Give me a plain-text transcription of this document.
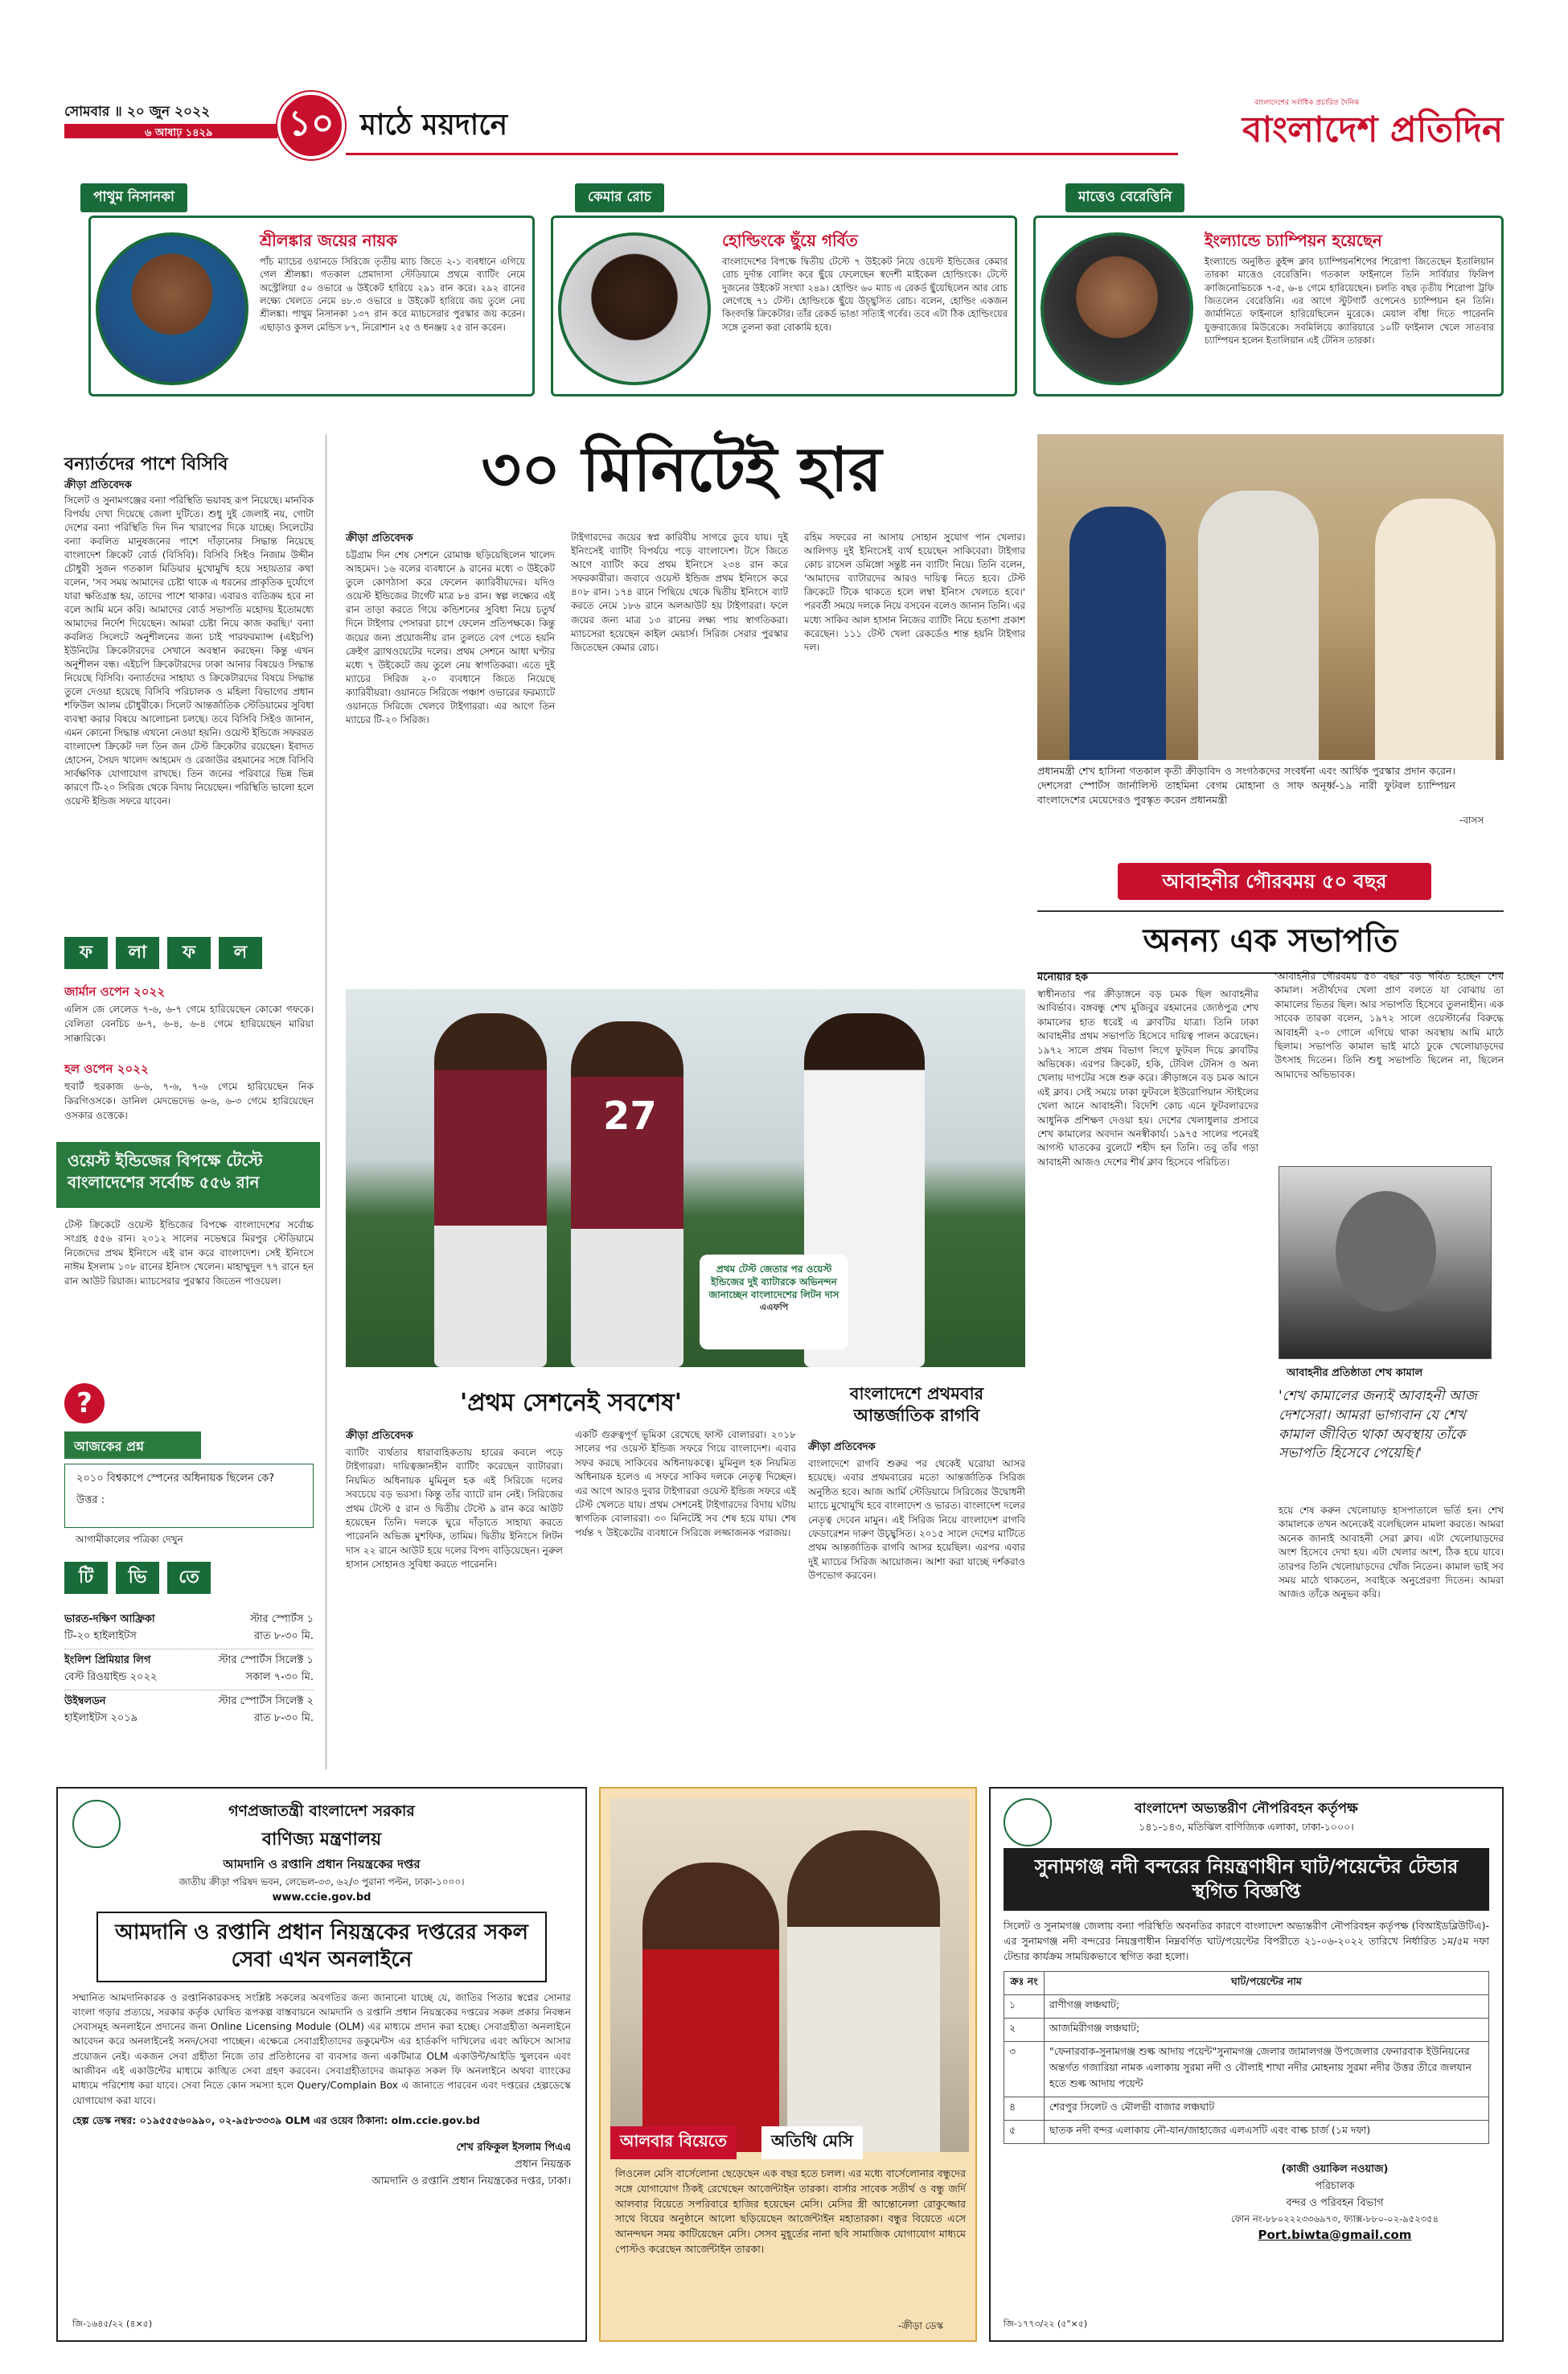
সোমবার ॥ ২০ জুন ২০২২
৬ আষাঢ় ১৪২৯	১০ মাঠে ময়দানে
বাংলাদেশের সর্বাধিক প্রচারিত দৈনিক
বাংলাদেশ প্রতিদিন
পাথুম নিসানকা	কেমার রোচ	মাত্তেও বেরেত্তিনি
শ্রীলঙ্কার জয়ের নায়ক
পাঁচ ম্যাচের ওয়ানডে সিরিজে তৃতীয় ম্যাচ জিতে ২-১ ব্যবধানে এগিয়ে গেল শ্রীলঙ্কা। গতকাল প্রেমাদাসা স্টেডিয়ামে প্রথমে ব্যাটিং নেমে অস্ট্রেলিয়া ৫০ ওভারে ৬ উইকেট হারিয়ে ২৯১ রান করে। ২৯২ রানের লক্ষ্যে খেলতে নেমে ৪৮.৩ ওভারে ৪ উইকেট হারিয়ে জয় তুলে নেয় শ্রীলঙ্কা। পাথুম নিসানকা ১৩৭ রান করে ম্যাচসেরার পুরস্কার জয় করেন। এছাড়াও কুসল মেন্ডিস ৮৭, নিরোশান ২৫ ও ধনঞ্জয় ২৫ রান করেন।
হোল্ডিংকে ছুঁয়ে গর্বিত
বাংলাদেশের বিপক্ষে দ্বিতীয় টেস্টে ৭ উইকেট নিয়ে ওয়েস্ট ইন্ডিজের কেমার রোচ দুর্দান্ত বোলিং করে ছুঁয়ে ফেলেছেন স্বদেশী মাইকেল হোল্ডিংকে। টেস্টে দুজনের উইকেট সংখ্যা ২৪৯। হোল্ডিং ৬০ ম্যাচ এ রেকর্ড ছুঁয়েছিলেন আর রোচ লেগেছে ৭১ টেস্ট। হোল্ডিংকে ছুঁয়ে উচ্ছ্বসিত রোচ। বলেন, হোল্ডিং একজন কিংবদন্তি ক্রিকেটার। তাঁর রেকর্ড ভাঙা সত্যিই গর্বের। তবে এটা ঠিক হোল্ডিংয়ের সঙ্গে তুলনা করা বোকামি হবে।
ইংল্যান্ডে চ্যাম্পিয়ন হয়েছেন
ইংল্যান্ডে অনুষ্ঠিত কুইন্স ক্লাব চ্যাম্পিয়নশিপের শিরোপা জিতেছেন ইতালিয়ান তারকা মাত্তেও বেরেত্তিনি। গতকাল ফাইনালে তিনি সার্বিয়ার ফিলিপ ক্রাজিনোভিচকে ৭-৫, ৬-৪ গেমে হারিয়েছেন। চলতি বছর তৃতীয় শিরোপা ট্রফি জিতলেন বেরেত্তিনি। এর আগে স্টুটগার্ট ওপেনেও চ্যাম্পিয়ন হন তিনি। জার্মানিতে ফাইনালে হারিয়েছিলেন মুরেকে। মেয়াল বাঁধা দিতে পারেননি যুক্তরাজ্যের মিউরেকে। সবমিলিয়ে ক্যারিয়ারে ১০টি ফাইনাল খেলে সাতবার চ্যাম্পিয়ন হলেন ইতালিয়ান এই টেনিস তারকা।
বন্যার্তদের পাশে বিসিবি
ক্রীড়া প্রতিবেদক
সিলেট ও সুনামগঞ্জের বন্যা পরিস্থিতি ভয়াবহ রূপ নিয়েছে। মানবিক বিপর্যয় দেখা দিয়েছে জেলা দুটিতে। শুধু দুই জেলাই নয়, গোটা দেশের বন্যা পরিস্থিতি দিন দিন খারাপের দিকে যাচ্ছে। সিলেটের বন্যা কবলিত মানুষজনের পাশে দাঁড়ানোর সিদ্ধান্ত নিয়েছে বাংলাদেশ ক্রিকেট বোর্ড (বিসিবি)। বিসিবি সিইও নিজাম উদ্দীন চৌধুরী সুজন গতকাল মিডিয়ার মুখোমুখি হয়ে সহায়তার কথা বলেন, 'সব সময় আমাদের চেষ্টা থাকে এ ধরনের প্রাকৃতিক দুর্যোগে যারা ক্ষতিগ্রস্ত হয়, তাদের পাশে থাকার। এবারও ব্যতিক্রম হবে না বলে আমি মনে করি। আমাদের বোর্ড সভাপতি মহোদয় ইতোমধ্যে আমাদের নির্দেশ দিয়েছেন। আমরা চেষ্টা নিয়ে কাজ করছি।' বন্যা কবলিত সিলেটে অনুশীলনের জন্য চাই পারফরম্যান্স (এইচপি) ইউনিটের ক্রিকেটারদের সেখানে অবস্থান করছেন। কিন্তু এখন অনুশীলন বন্ধ। এইচপি ক্রিকেটারদের ঢাকা আনার বিষয়েও সিদ্ধান্ত নিয়েছে বিসিবি। বন্যার্তদের সাহায্য ও ক্রিকেটারদের বিষয়ে সিদ্ধান্ত তুলে দেওয়া হয়েছে বিসিবি পরিচালক ও মহিলা বিভাগের প্রধান শফিউল আলম চৌধুরীকে। সিলেট আন্তর্জাতিক স্টেডিয়ামের সুবিধা ব্যবস্থা করার বিষয়ে আলোচনা চলছে। তবে বিসিবি সিইও জানান, এমন কোনো সিদ্ধান্ত এখনো নেওয়া হয়নি। ওয়েস্ট ইন্ডিজে সফররত বাংলাদেশ ক্রিকেট দল তিন জন টেস্ট ক্রিকেটার রয়েছেন। ইবাদত হোসেন, সৈয়দ খালেদ আহমেদ ও রেজাউর রহমানের সঙ্গে বিসিবি সার্বক্ষণিক যোগাযোগ রাখছে। তিন জনের পরিবারে ভিন্ন ভিন্ন কারণে টি-২০ সিরিজ থেকে বিদায় নিয়েছেন। পরিস্থিতি ভালো হলে ওয়েস্ট ইন্ডিজ সফরে যাবেন।
ফ লা ফ ল
জার্মান ওপেন ২০২২
এলিস জে লেলেড ৭-৬, ৬-৭ গেমে হারিয়েছেন কোকো গফকে। বেলিতা বেনচিচ ৬-৭, ৬-৪, ৬-৪ গেমে হারিয়েছেন মারিয়া সাক্কারিকে।
হল ওপেন ২০২২
হুবার্ট হুরকাজ ৬-৬, ৭-৬, ৭-৬ গেমে হারিয়েছেন নিক কিরগিওসকে। ডানিল মেদভেদেভ ৬-৬, ৬-৩ গেমে হারিয়েছেন ওসকার ওত্তেকে।
ওয়েস্ট ইন্ডিজের বিপক্ষে টেস্টে বাংলাদেশের সর্বোচ্চ ৫৫৬ রান
টেস্ট ক্রিকেটে ওয়েস্ট ইন্ডিজের বিপক্ষে বাংলাদেশের সর্বোচ্চ সংগ্রহ ৫৫৬ রান। ২০১২ সালের নভেম্বরে মিরপুর স্টেডিয়ামে নিজেদের প্রথম ইনিংসে এই রান করে বাংলাদেশ। সেই ইনিংসে নাঈম ইসলাম ১০৮ রানের ইনিংস খেলেন। মাহাম্মুদুল ৭৭ রানে হন রান আউট রিয়াজ। ম্যাচসেরার পুরস্কার জিতেন পাওয়েল।
?
আজকের প্রশ্ন
২০১০ বিশ্বকাপে স্পেনের অধিনায়ক ছিলেন কে?
উত্তর :
আগামীকালের পত্রিকা দেখুন
টি ভি তে
ভারত-দক্ষিণ আফ্রিকা	স্টার স্পোর্টস ১
টি-২০ হাইলাইটস	রাত ৮-৩০ মি.
ইংলিশ প্রিমিয়ার লিগ	স্টার স্পোর্টস সিলেক্ট ১
বেস্ট রিওয়াইন্ড ২০২২	সকাল ৭-৩০ মি.
উইম্বলডন	স্টার স্পোর্টস সিলেক্ট ২
হাইলাইটস ২০১৯	রাত ৮-৩০ মি.
৩০ মিনিটেই হার
ক্রীড়া প্রতিবেদক
চট্টগ্রাম দিন শেষ সেশনে রোমাঞ্চ ছড়িয়েছিলেন খালেদ আহমেদ। ১৬ বলের ব্যবধানে ৯ রানের মধ্যে ৩ উইকেট তুলে কোণঠাসা করে ফেলেন ক্যারিবীয়দের। যদিও ওয়েস্ট ইন্ডিজের টার্গেট মাত্র ৮৪ রান। স্বল্প লক্ষ্যের এই রান তাড়া করতে গিয়ে কন্ডিশনের সুবিধা নিয়ে চতুর্থ দিনে টাইগার পেসাররা চাপে ফেলেন প্রতিপক্ষকে। কিন্তু জয়ের জন্য প্রয়োজনীয় রান তুলতে বেগ পেতে হয়নি ক্রেইগ ব্র্যাথওয়েটের দলের। প্রথম সেশনে আধা ঘণ্টার মধ্যে ৭ উইকেটে জয় তুলে নেয় স্বাগতিকরা। এতে দুই ম্যাচের সিরিজ ২-০ ব্যবধানে জিতে নিয়েছে ক্যারিবীয়রা। ওয়ানডে সিরিজে পঞ্চাশ ওভারের ফরম্যাটে ওয়ানডে সিরিজে খেলবে টাইগাররা। এর আগে তিন ম্যাচের টি-২০ সিরিজ।
টাইগারদের জয়ের স্বপ্ন কারিবীয় সাগরে ডুবে যায়। দুই ইনিংসেই ব্যাটিং বিপর্যয়ে পড়ে বাংলাদেশ। টসে জিতে আগে ব্যাটিং করে প্রথম ইনিংসে ২৩৪ রান করে সফরকারীরা। জবাবে ওয়েস্ট ইন্ডিজ প্রথম ইনিংসে করে ৪০৮ রান। ১৭৪ রানে পিছিয়ে থেকে দ্বিতীয় ইনিংসে ব্যাট করতে নেমে ১৮৬ রানে অলআউট হয় টাইগাররা। ফলে জয়ের জন্য মাত্র ১৩ রানের লক্ষ্য পায় স্বাগতিকরা। ম্যাচসেরা হয়েছেন কাইল মেয়ার্স। সিরিজ সেরার পুরস্কার জিতেছেন কেমার রোচ।
রহিম সফরের না আসায় সোহান সুযোগ পান খেলার। আলিগড় দুই ইনিংসেই ব্যর্থ হয়েছেন সাকিবেরা। টাইগার কোচ রাসেল ডমিঙ্গো সন্তুষ্ট নন ব্যাটিং নিয়ে। তিনি বলেন, 'আমাদের ব্যাটারদের আরও দায়িত্ব নিতে হবে। টেস্ট ক্রিকেটে টিকে থাকতে হলে লম্বা ইনিংস খেলতে হবে।' পরবর্তী সময়ে দলকে নিয়ে বসবেন বলেও জানান তিনি। এর মধ্যে সাকিব আল হাসান নিজের ব্যাটিং নিয়ে হতাশা প্রকাশ করেছেন। ১১১ টেস্ট খেলা রেকর্ডেও শান্ত হয়নি টাইগার দল।
27
প্রথম টেস্ট জেতার পর ওয়েস্ট ইন্ডিজের দুই ব্যাটারকে অভিনন্দন জানাচ্ছেন বাংলাদেশের লিটন দাস
এএফপি
প্রধানমন্ত্রী শেখ হাসিনা গতকাল কৃতী ক্রীড়াবিদ ও সংগঠকদের সংবর্ধনা এবং আর্থিক পুরস্কার প্রদান করেন। দেশসেরা স্পোর্টস জার্নালিস্ট তাহমিনা বেগম মোহানা ও সাফ অনূর্ধ্ব-১৯ নারী ফুটবল চ্যাম্পিয়ন বাংলাদেশের মেয়েদেরও পুরস্কৃত করেন প্রধানমন্ত্রী
-বাসস
আবাহনীর গৌরবময় ৫০ বছর
অনন্য এক সভাপতি
মনোয়ার হক
স্বাধীনতার পর ক্রীড়াঙ্গনে বড় চমক ছিল আবাহনীর আবির্ভাব। বঙ্গবন্ধু শেখ মুজিবুর রহমানের জ্যেষ্ঠপুত্র শেখ কামালের হাত ধরেই এ ক্লাবটির যাত্রা। তিনি ঢাকা আবাহনীর প্রথম সভাপতি হিসেবে দায়িত্ব পালন করেছেন। ১৯৭২ সালে প্রথম বিভাগ লিগে ফুটবল দিয়ে ক্লাবটির অভিষেক। এরপর ক্রিকেট, হকি, টেবিল টেনিস ও অন্য খেলায় দাপটের সঙ্গে শুরু করে। ক্রীড়াঙ্গনে বড় চমক আনে এই ক্লাব। সেই সময়ে ঢাকা ফুটবলে ইউরোপিয়ান স্টাইলের খেলা আনে আবাহনী। বিদেশি কোচ এনে ফুটবলারদের আধুনিক প্রশিক্ষণ দেওয়া হয়। দেশের খেলাধুলার প্রসারে শেখ কামালের অবদান অনস্বীকার্য। ১৯৭৫ সালের পনেরই আগস্ট ঘাতকের বুলেটে শহীদ হন তিনি। তবু তাঁর গড়া আবাহনী আজও দেশের শীর্ষ ক্লাব হিসেবে পরিচিত।
'আবাহনীর গৌরবময় ৫০ বছর' বড় গর্বিত হচ্ছেন শেখ কামাল। সতীর্থদের খেলা প্রাণ বলতে যা বোঝায় তা কামালের ভিতর ছিল। আর সভাপতি হিসেবে তুলনাহীন। এক সাবেক তারকা বলেন, ১৯৭২ সালে ওয়েস্টার্নের বিরুদ্ধে আবাহনী ২-০ গোলে এগিয়ে থাকা অবস্থায় আমি মাঠে ছিলাম। সভাপতি কামাল ভাই মাঠে ঢুকে খেলোয়াড়দের উৎসাহ দিতেন। তিনি শুধু সভাপতি ছিলেন না, ছিলেন আমাদের অভিভাবক।
আবাহনীর প্রতিষ্ঠাতা শেখ কামাল
'শেখ কামালের জন্যই আবাহনী আজ দেশসেরা। আমরা ভাগ্যবান যে শেখ কামাল জীবিত থাকা অবস্থায় তাঁকে সভাপতি হিসেবে পেয়েছি।'
হয়ে শেষ করুন খেলোয়াড় হাসপাতালে ভর্তি হন। শেখ কামালকে তখন অনেকেই বলেছিলেন মামলা করতে। আমরা অনেক জানাই আবাহনী সেরা ক্লাব। এটা খেলোয়াড়দের অংশ হিসেবে দেখা হয়। এটা খেলার অংশ, ঠিক হয়ে যাবে। তারপর তিনি খেলোয়াড়দের খোঁজ নিতেন। কামাল ভাই সব সময় মাঠে থাকতেন, সবাইকে অনুপ্রেরণা দিতেন। আমরা আজও তাঁকে অনুভব করি।
'প্রথম সেশনেই সবশেষ'
ক্রীড়া প্রতিবেদক
ব্যাটিং ব্যর্থতার ধারাবাহিকতায় হারের কবলে পড়ে টাইগাররা। দায়িত্বজ্ঞানহীন ব্যাটিং করেছেন ব্যাটাররা। নিয়মিত অধিনায়ক মুমিনুল হক এই সিরিজে দলের সবচেয়ে বড় ভরসা। কিন্তু তাঁর ব্যাটে রান নেই। সিরিজের প্রথম টেস্টে ৫ রান ও দ্বিতীয় টেস্টে ৯ রান করে আউট হয়েছেন তিনি। দলকে ঘুরে দাঁড়াতে সাহায্য করতে পারেননি অভিজ্ঞ মুশফিক, তামিম। দ্বিতীয় ইনিংসে লিটন দাস ২২ রানে আউট হয়ে দলের বিপদ বাড়িয়েছেন। নুরুল হাসান সোহানও সুবিধা করতে পারেননি।
একটি গুরুত্বপূর্ণ ভূমিকা রেখেছে ফাস্ট বোলাররা। ২০১৮ সালের পর ওয়েস্ট ইন্ডিজ সফরে গিয়ে বাংলাদেশ। এবার সফর করছে সাকিবের অধিনায়কত্বে। মুমিনুল হক নিয়মিত অধিনায়ক হলেও এ সফরে সাকিব দলকে নেতৃত্ব দিচ্ছেন। এর আগে আরও দুবার টাইগাররা ওয়েস্ট ইন্ডিজ সফরে এই টেস্ট খেলতে যায়। প্রথম সেশনেই টাইগারদের বিদায় ঘটায় স্বাগতিক বোলাররা। ৩০ মিনিটেই সব শেষ হয়ে যায়। শেষ পর্যন্ত ৭ উইকেটের ব্যবধানে সিরিজে লজ্জাজনক পরাজয়।
বাংলাদেশে প্রথমবার আন্তর্জাতিক রাগবি
ক্রীড়া প্রতিবেদক
বাংলাদেশে রাগবি শুরুর পর থেকেই ঘরোয়া আসর হয়েছে। এবার প্রথমবারের মতো আন্তর্জাতিক সিরিজ অনুষ্ঠিত হবে। আজ আর্মি স্টেডিয়ামে সিরিজের উদ্বোধনী ম্যাচে মুখোমুখি হবে বাংলাদেশ ও ভারত। বাংলাদেশ দলের নেতৃত্ব দেবেন মামুন। এই সিরিজ নিয়ে বাংলাদেশ রাগবি ফেডারেশন দারুণ উচ্ছ্বসিত। ২০১৫ সালে দেশের মাটিতে প্রথম আন্তর্জাতিক রাগবি আসর হয়েছিল। এরপর এবার দুই ম্যাচের সিরিজ আয়োজন। আশা করা যাচ্ছে দর্শকরাও উপভোগ করবেন।
গণপ্রজাতন্ত্রী বাংলাদেশ সরকার
বাণিজ্য মন্ত্রণালয়
আমদানি ও রপ্তানি প্রধান নিয়ন্ত্রকের দপ্তর
জাতীয় ক্রীড়া পরিষদ ভবন, লেভেল-৩৩, ৬২/৩ পুরানা পল্টন, ঢাকা-১০০০।
www.ccie.gov.bd
আমদানি ও রপ্তানি প্রধান নিয়ন্ত্রকের দপ্তরের সকল সেবা এখন অনলাইনে
সম্মানিত আমদানিকারক ও রপ্তানিকারকসহ সংশ্লিষ্ট সকলের অবগতির জন্য জানানো যাচ্ছে যে, জাতির পিতার স্বপ্নের সোনার বাংলা গড়ার প্রত্যয়ে, সরকার কর্তৃক ঘোষিত রূপকল্প বাস্তবায়নে আমদানি ও রপ্তানি প্রধান নিয়ন্ত্রকের দপ্তরের সকল প্রকার নিবন্ধন সেবাসমূহ অনলাইনে প্রদানের জন্য Online Licensing Module (OLM) এর মাধ্যমে প্রদান করা হচ্ছে। সেবাগ্রহীতা অনলাইনে আবেদন করে অনলাইনেই সনদ/সেবা পাচ্ছেন। এক্ষেত্রে সেবাগ্রহীতাদের ডকুমেন্টস এর হার্ডকপি দাখিলের এবং অফিসে আসার প্রয়োজন নেই। একজন সেবা গ্রহীতা নিজে তার প্রতিষ্ঠানের বা ব্যবসার জন্য একটিমাত্র OLM একাউন্ট/আইডি খুলবেন এবং আজীবন এই একাউন্টের মাধ্যমে কাঙ্খিত সেবা গ্রহণ করবেন। সেবাগ্রহীতাদের জমাকৃত সকল ফি অনলাইনে অথবা ব্যাংকের মাধ্যমে পরিশোধ করা যাবে। সেবা নিতে কোন সমস্যা হলে Query/Complain Box এ জানাতে পারবেন এবং দপ্তরের হেল্পডেস্কে যোগাযোগ করা যাবে।
হেল্প ডেস্ক নম্বর: ০১৯৫৫৫৬০৯৯০, ০২-৯৫৮৩৩৩৯ OLM এর ওয়েব ঠিকানা: olm.ccie.gov.bd
শেখ রফিকুল ইসলাম পিএএ
প্রধান নিয়ন্ত্রক
আমদানি ও রপ্তানি প্রধান নিয়ন্ত্রকের দপ্তর, ঢাকা।
জি-১৬৪৫/২২ (৪×৫)
আলবার বিয়েতে	অতিথি মেসি
লিওনেল মেসি বার্সেলোনা ছেড়েছেন এক বছর হতে চলল। এর মধ্যে বার্সেলোনার বন্ধুদের সঙ্গে যোগাযোগ ঠিকই রেখেছেন আর্জেন্টাইন তারকা। বার্সার সাবেক সতীর্থ ও বন্ধু জর্দি আলবার বিয়েতে সপরিবারে হাজির হয়েছেন মেসি। মেসির স্ত্রী আন্তোনেলা রোকুজ্জোর সাথে বিয়ের অনুষ্ঠানে আলো ছড়িয়েছেন আর্জেন্টাইন মহাতারকা। বন্ধুর বিয়েতে এসে আনন্দঘন সময় কাটিয়েছেন মেসি। সেসব মুহূর্তের নানা ছবি সামাজিক যোগাযোগ মাধ্যমে পোস্টও করেছেন আর্জেন্টাইন তারকা।
-ক্রীড়া ডেস্ক
বাংলাদেশ অভ্যন্তরীণ নৌপরিবহন কর্তৃপক্ষ
১৪১-১৪৩, মতিঝিল বাণিজ্যিক এলাকা, ঢাকা-১০০০।
সুনামগঞ্জ নদী বন্দরের নিয়ন্ত্রণাধীন ঘাট/পয়েন্টের টেন্ডার স্থগিত বিজ্ঞপ্তি
সিলেট ও সুনামগঞ্জ জেলায় বন্যা পরিস্থিতি অবনতির কারণে বাংলাদেশ অভ্যন্তরীণ নৌপরিবহন কর্তৃপক্ষ (বিআইডব্লিউটিএ)-এর সুনামগঞ্জ নদী বন্দরের নিয়ন্ত্রণাধীন নিম্নবর্ণিত ঘাট/পয়েন্টের বিপরীতে ২১-০৬-২০২২ তারিখে নির্ধারিত ১ম/৫ম দফা টেন্ডার কার্যক্রম সাময়িকভাবে স্থগিত করা হলো।
ক্রঃ নং	ঘাট/পয়েন্টের নাম
১	রাণীগঞ্জ লঞ্চঘাট;
২	আজমিরীগঞ্জ লঞ্চঘাট;
৩	"ফেনারবাক-সুনামগঞ্জ শুল্ক আদায় পয়েন্ট"সুনামগঞ্জ জেলার জামালগঞ্জ উপজেলার ফেনারবাক ইউনিয়নের অন্তর্গত গজারিয়া নামক এলাকায় সুরমা নদী ও বৌলাই শাখা নদীর মোহনায় সুরমা নদীর উত্তর তীরে জলযান হতে শুল্ক আদায় পয়েন্ট
৪	শেরপুর সিলেট ও মৌলভী বাজার লঞ্চঘাট
৫	ছাতক নদী বন্দর এলাকায় নৌ-যান/জাহাজের এলএসটি এবং বাল্ক চার্জ (১ম দফা)
(কাজী ওয়াকিল নওয়াজ)
পরিচালক
বন্দর ও পরিবহন বিভাগ
ফোন নং-৮৮০২২২৩৩৬৯৭৩, ফ্যাক্স-৮৮০-০২-৯৫২৩৫৪
Port.biwta@gmail.com
জি-১৭৭৩/২২ (৫"×৫)
